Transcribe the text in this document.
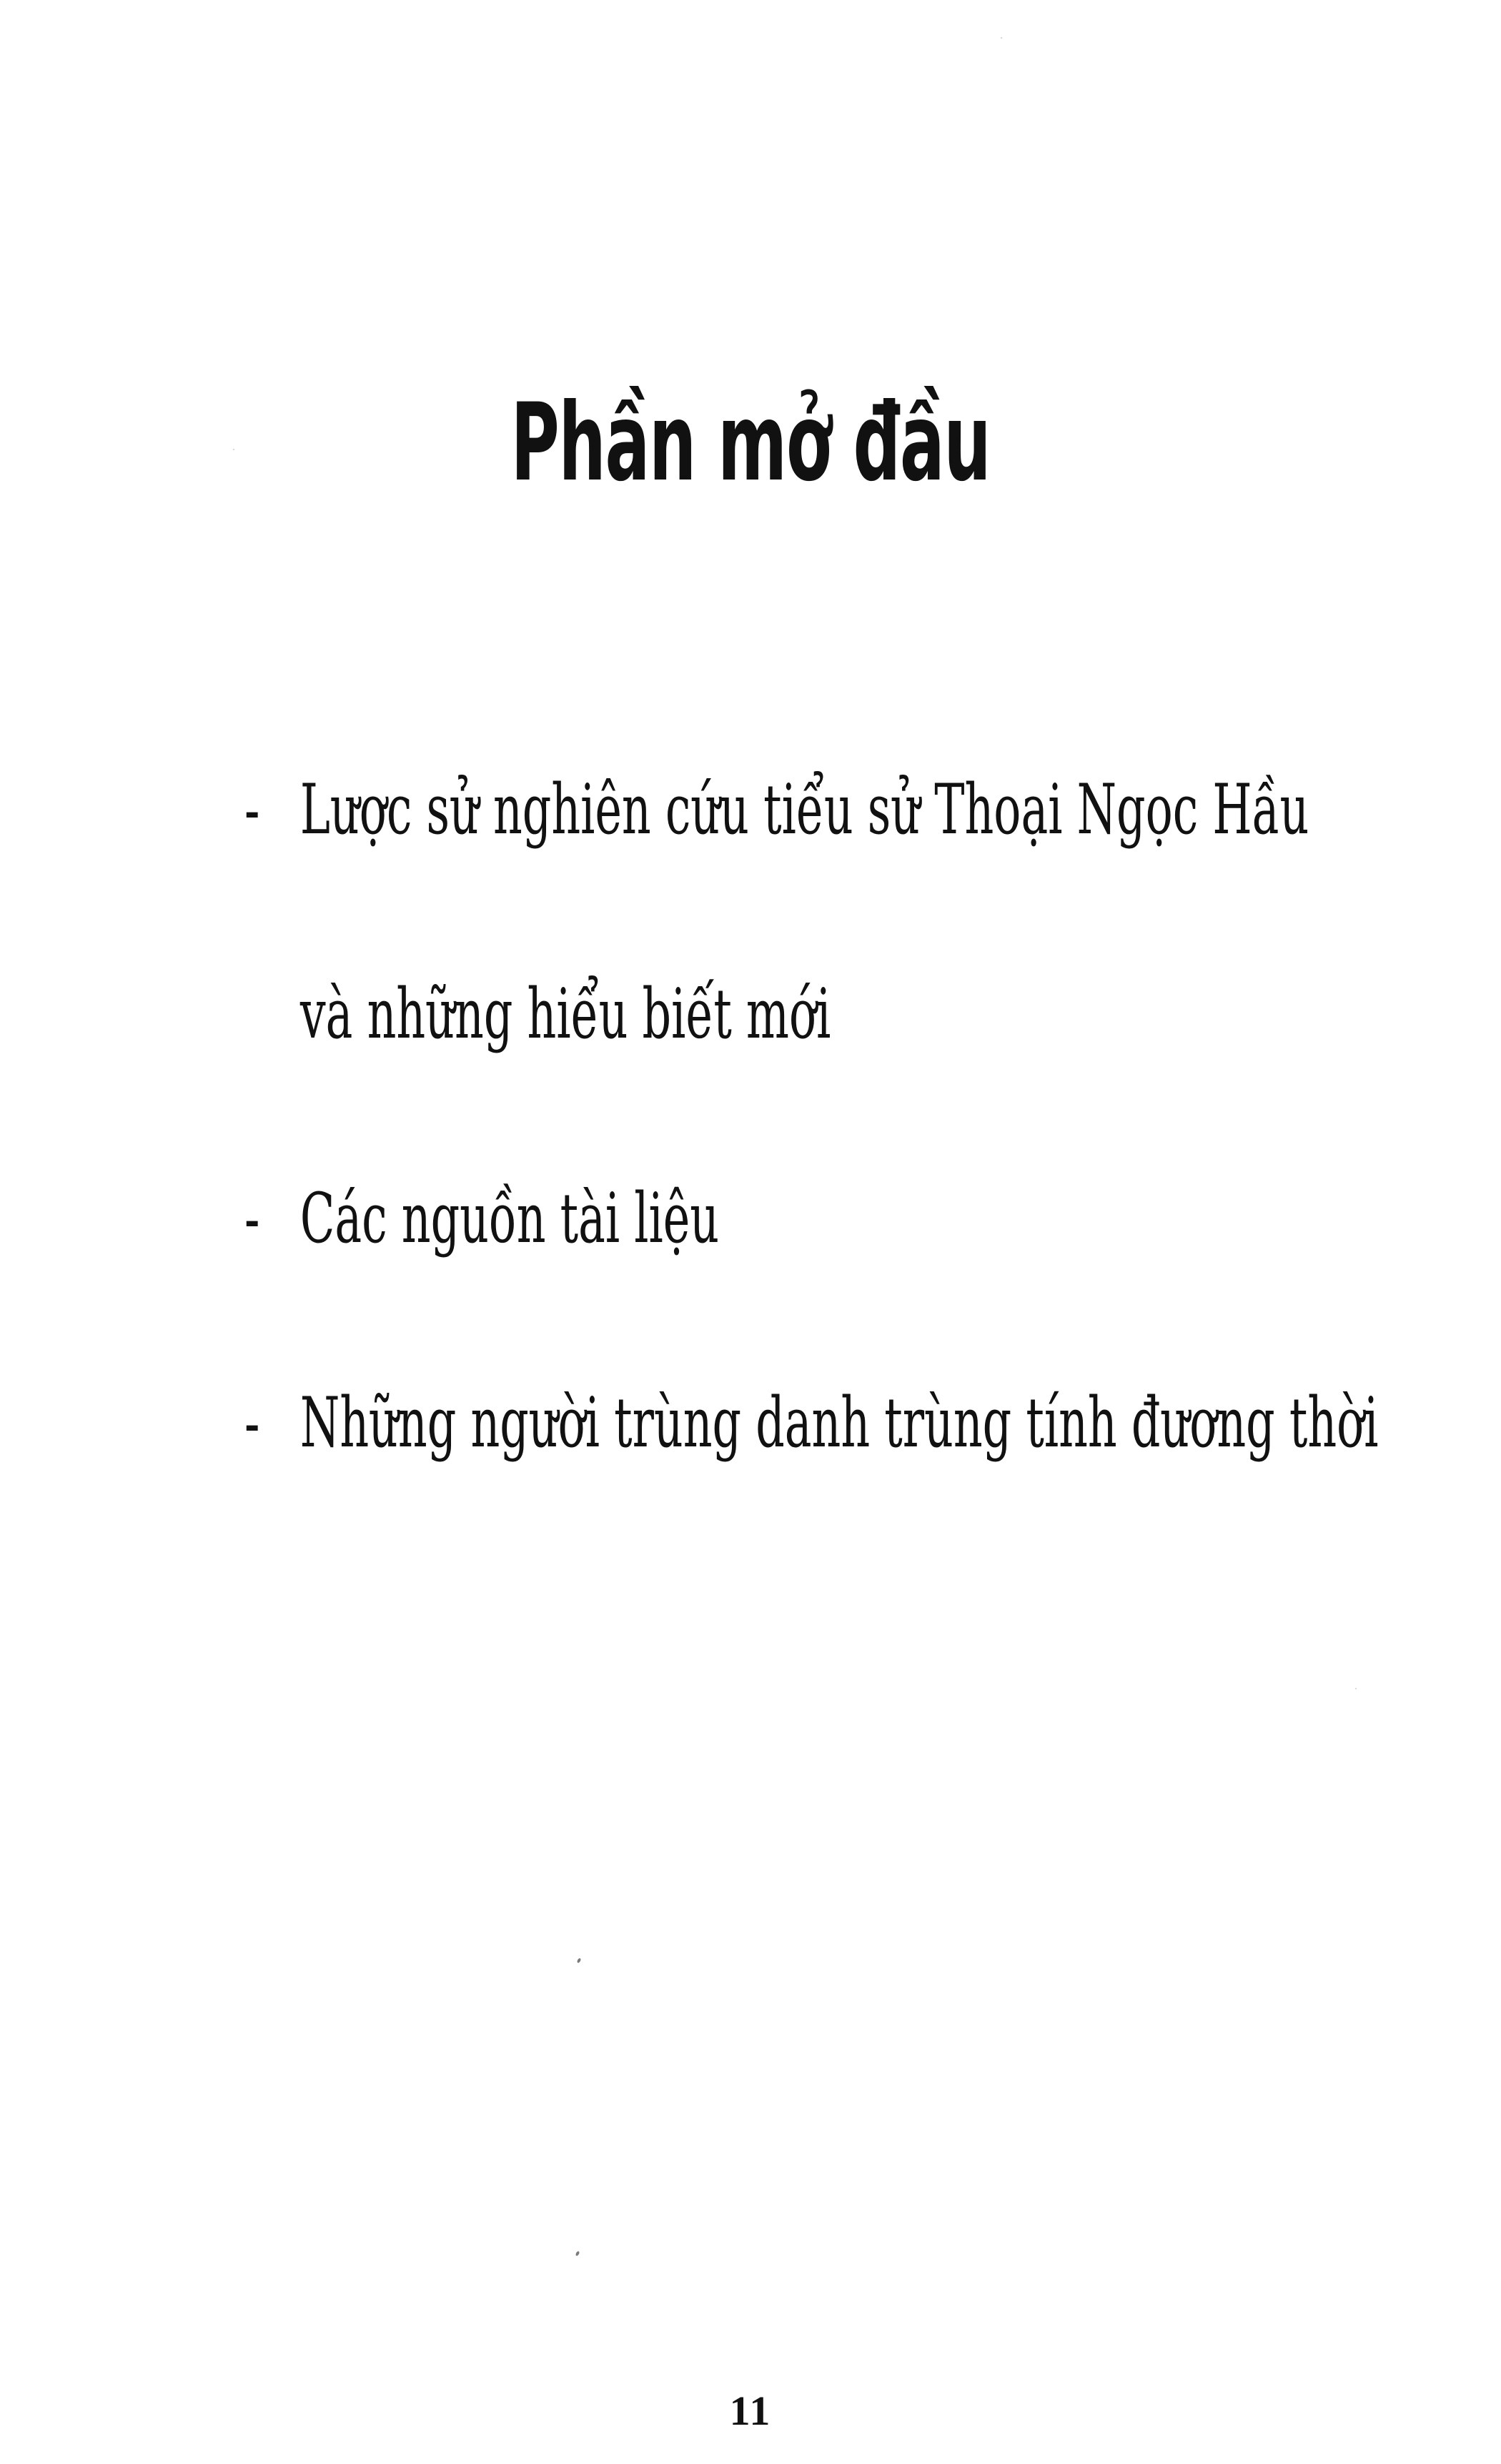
Phần mở đầu
- Lược sử nghiên cứu tiểu sử Thoại Ngọc Hầu
và những hiểu biết mới
- Các nguồn tài liệu
- Những người trùng danh trùng tính đương thời
11
